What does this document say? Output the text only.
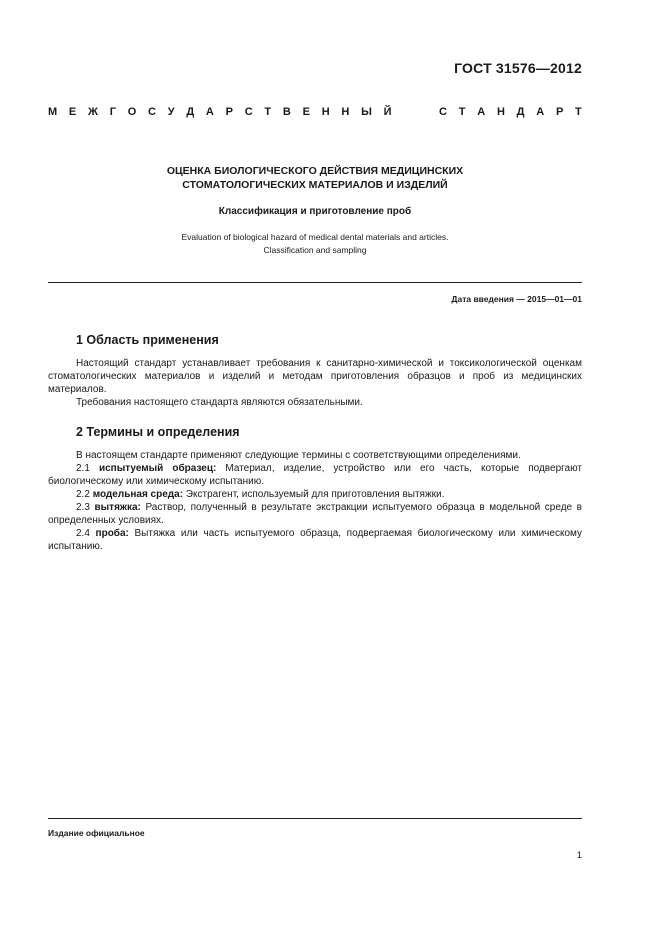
ГОСТ 31576—2012
М Е Ж Г О С У Д А Р С Т В Е Н Н Ы Й	С Т А Н Д А Р Т
ОЦЕНКА БИОЛОГИЧЕСКОГО ДЕЙСТВИЯ МЕДИЦИНСКИХ
СТОМАТОЛОГИЧЕСКИХ МАТЕРИАЛОВ И ИЗДЕЛИЙ
Классификация и приготовление проб
Evaluation of biological hazard of medical dental materials and articles.
Classification and sampling
Дата введения — 2015—01—01
1 Область применения

Настоящий стандарт устанавливает требования к санитарно-химической и токсикологической оценкам стоматологических материалов и изделий и методам приготовления образцов и проб из медицинских материалов.

Требования настоящего стандарта являются обязательными.

2 Термины и определения

В настоящем стандарте применяют следующие термины с соответствующими определениями.

2.1 испытуемый образец: Материал, изделие, устройство или его часть, которые подвергают биологическому или химическому испытанию.

2.2 модельная среда: Экстрагент, используемый для приготовления вытяжки.

2.3 вытяжка: Раствор, полученный в результате экстракции испытуемого образца в модельной среде в определенных условиях.

2.4 проба: Вытяжка или часть испытуемого образца, подвергаемая биологическому или химическому испытанию.

Издание официальное
1
